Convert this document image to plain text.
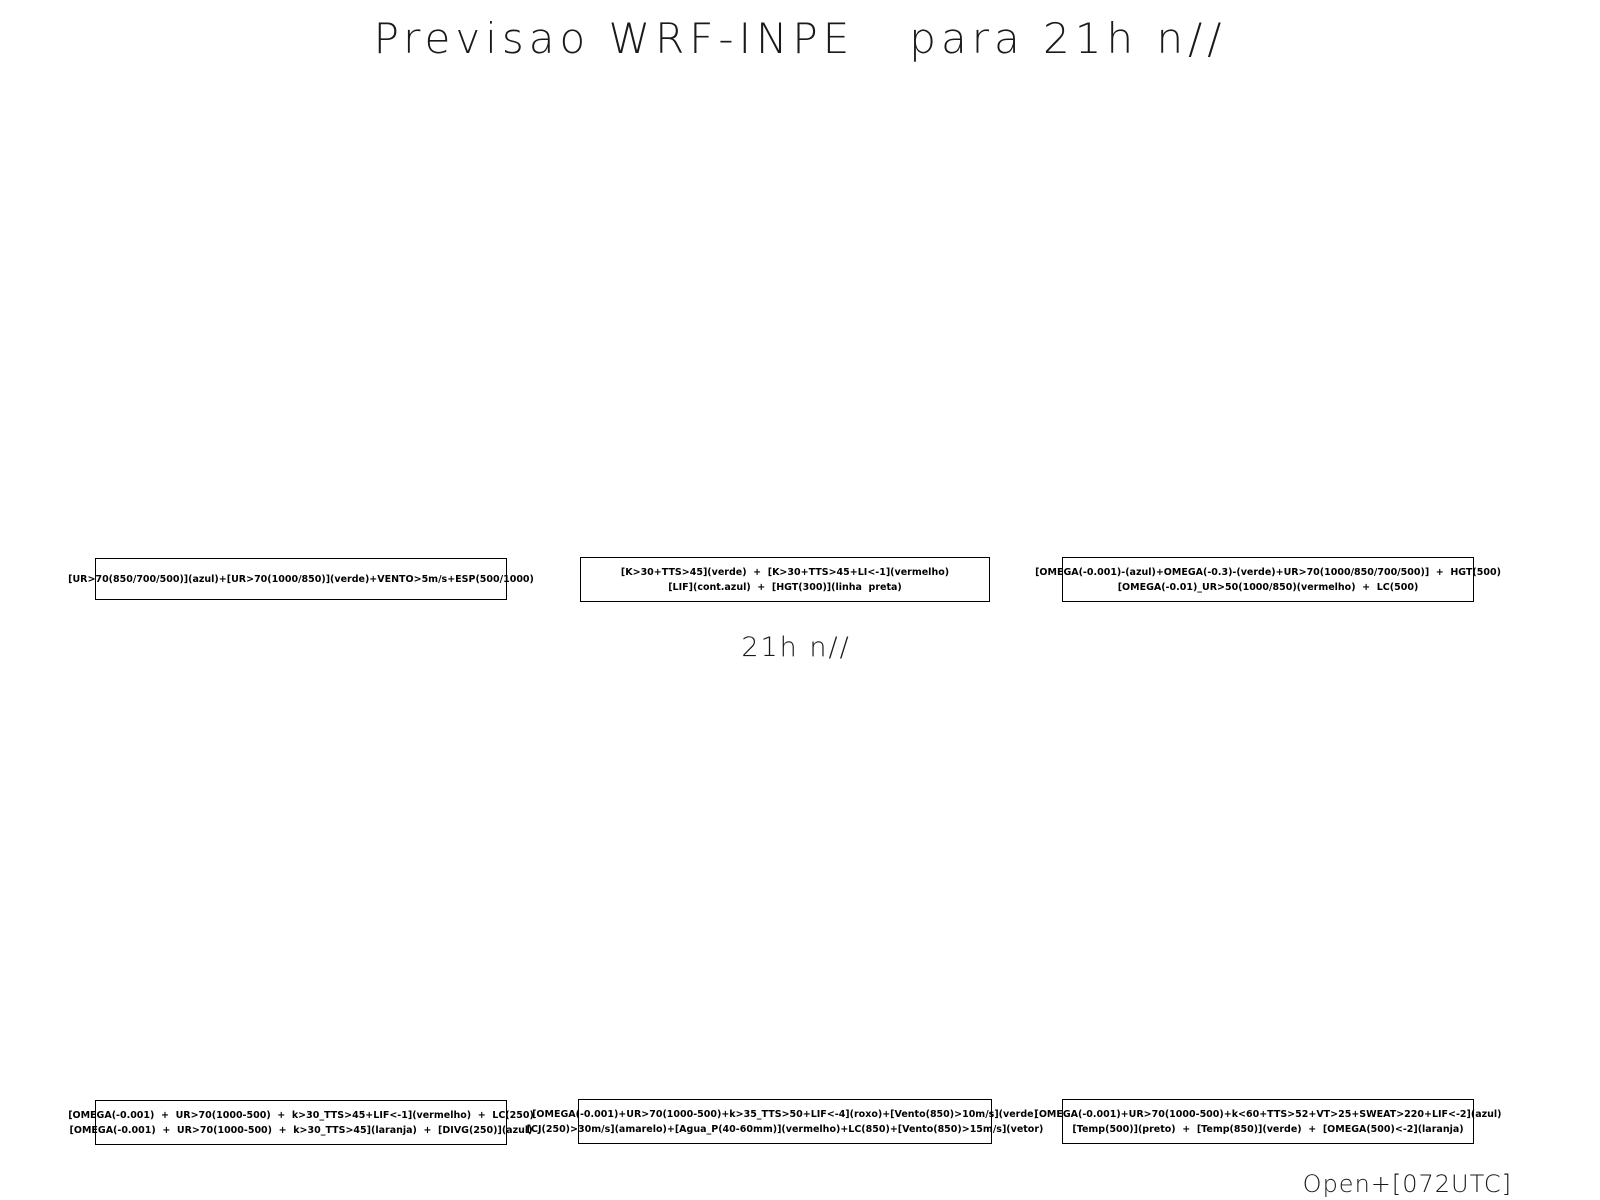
Previsao WRF-INPE   para 21h n//
[UR>70(850/700/500)](azul)+[UR>70(1000/850)](verde)+VENTO>5m/s+ESP(500/1000)
[K>30+TTS>45](verde)  +  [K>30+TTS>45+LI<-1](vermelho)
[LIF](cont.azul)  +  [HGT(300)](linha  preta)
[OMEGA(-0.001)-(azul)+OMEGA(-0.3)-(verde)+UR>70(1000/850/700/500)]  +  HGT(500)
[OMEGA(-0.01)_UR>50(1000/850)(vermelho)  +  LC(500)
21h n//
[OMEGA(-0.001)  +  UR>70(1000-500)  +  k>30_TTS>45+LIF<-1](vermelho)  +  LC(250)
[OMEGA(-0.001)  +  UR>70(1000-500)  +  k>30_TTS>45](laranja)  +  [DIVG(250)](azul)
[OMEGA(-0.001)+UR>70(1000-500)+k>35_TTS>50+LIF<-4](roxo)+[Vento(850)>10m/s](verde)
[CJ(250)>30m/s](amarelo)+[Agua_P(40-60mm)](vermelho)+LC(850)+[Vento(850)>15m/s](vetor)
[OMEGA(-0.001)+UR>70(1000-500)+k<60+TTS>52+VT>25+SWEAT>220+LIF<-2](azul)
[Temp(500)](preto)  +  [Temp(850)](verde)  +  [OMEGA(500)<-2](laranja)
Open+[072UTC]
